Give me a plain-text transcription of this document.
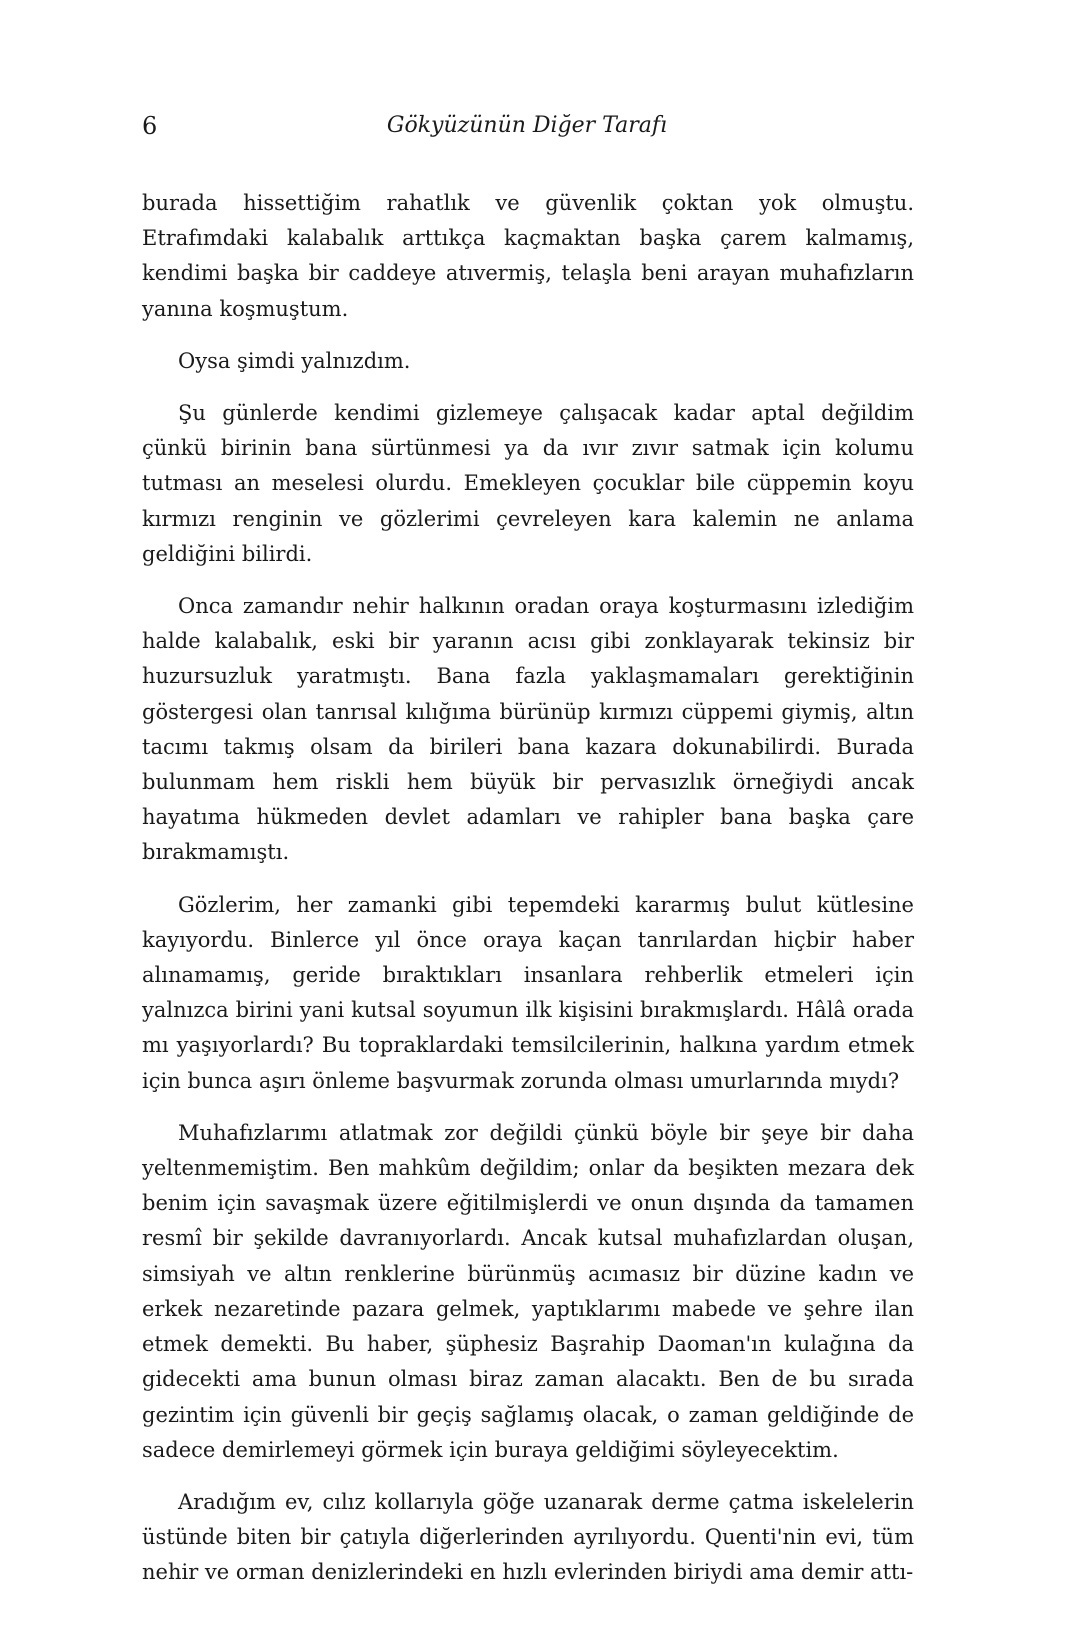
6	Gökyüzünün Diğer Tarafı

burada hissettiğim rahatlık ve güvenlik çoktan yok olmuştu. Etrafımdaki kalabalık arttıkça kaçmaktan başka çarem kalmamış, kendimi başka bir caddeye atıvermiş, telaşla beni arayan muhafızların yanına koşmuştum.

Oysa şimdi yalnızdım.

Şu günlerde kendimi gizlemeye çalışacak kadar aptal değildim çünkü birinin bana sürtünmesi ya da ıvır zıvır satmak için kolumu tutması an meselesi olurdu. Emekleyen çocuklar bile cüppemin koyu kırmızı renginin ve gözlerimi çevreleyen kara kalemin ne anlama geldiğini bilirdi.

Onca zamandır nehir halkının oradan oraya koşturmasını izlediğim halde kalabalık, eski bir yaranın acısı gibi zonklayarak tekinsiz bir huzursuzluk yaratmıştı. Bana fazla yaklaşmamaları gerektiğinin göstergesi olan tanrısal kılığıma bürünüp kırmızı cüppemi giymiş, altın tacımı takmış olsam da birileri bana kazara dokunabilirdi. Burada bulunmam hem riskli hem büyük bir pervasızlık örneğiydi ancak hayatıma hükmeden devlet adamları ve rahipler bana başka çare bırakmamıştı.

Gözlerim, her zamanki gibi tepemdeki kararmış bulut kütlesine kayıyordu. Binlerce yıl önce oraya kaçan tanrılardan hiçbir haber alınamamış, geride bıraktıkları insanlara rehberlik etmeleri için yalnızca birini yani kutsal soyumun ilk kişisini bırakmışlardı. Hâlâ orada mı yaşıyorlardı? Bu topraklardaki temsilcilerinin, halkına yardım etmek için bunca aşırı önleme başvurmak zorunda olması umurlarında mıydı?

Muhafızlarımı atlatmak zor değildi çünkü böyle bir şeye bir daha yeltenmemiştim. Ben mahkûm değildim; onlar da beşikten mezara dek benim için savaşmak üzere eğitilmişlerdi ve onun dışında da tamamen resmî bir şekilde davranıyorlardı. Ancak kutsal muhafızlardan oluşan, simsiyah ve altın renklerine bürünmüş acımasız bir düzine kadın ve erkek nezaretinde pazara gelmek, yaptıklarımı mabede ve şehre ilan etmek demekti. Bu haber, şüphesiz Başrahip Daoman'ın kulağına da gidecekti ama bunun olması biraz zaman alacaktı. Ben de bu sırada gezintim için güvenli bir geçiş sağlamış olacak, o zaman geldiğinde de sadece demirlemeyi görmek için buraya geldiğimi söyleyecektim.

Aradığım ev, cılız kollarıyla göğe uzanarak derme çatma iskelelerin üstünde biten bir çatıyla diğerlerinden ayrılıyordu. Quenti'nin evi, tüm nehir ve orman denizlerindeki en hızlı evlerinden biriydi ama demir attı-
